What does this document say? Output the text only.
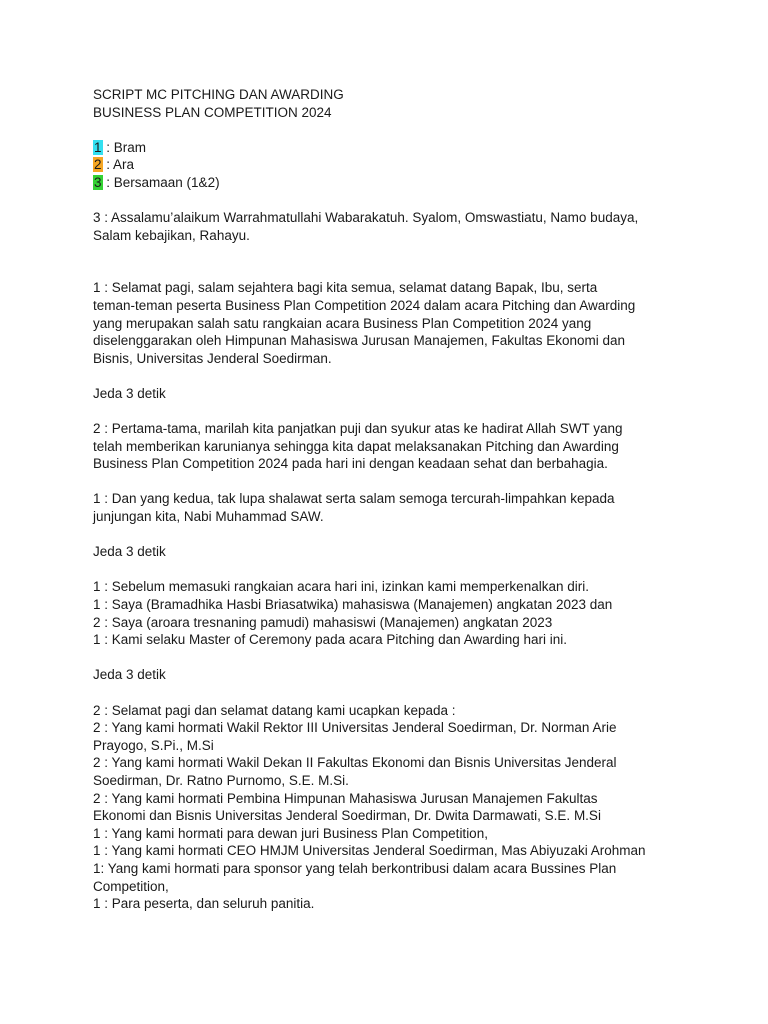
SCRIPT MC PITCHING DAN AWARDING
BUSINESS PLAN COMPETITION 2024
1 : Bram
2 : Ara
3 : Bersamaan (1&2)
3 : Assalamu’alaikum Warrahmatullahi Wabarakatuh. Syalom, Omswastiatu, Namo budaya,
Salam kebajikan, Rahayu.
1 : Selamat pagi, salam sejahtera bagi kita semua, selamat datang Bapak, Ibu, serta
teman-teman peserta Business Plan Competition 2024 dalam acara Pitching dan Awarding
yang merupakan salah satu rangkaian acara Business Plan Competition 2024 yang
diselenggarakan oleh Himpunan Mahasiswa Jurusan Manajemen, Fakultas Ekonomi dan
Bisnis, Universitas Jenderal Soedirman.
Jeda 3 detik
2 : Pertama-tama, marilah kita panjatkan puji dan syukur atas ke hadirat Allah SWT yang
telah memberikan karunianya sehingga kita dapat melaksanakan Pitching dan Awarding
Business Plan Competition 2024 pada hari ini dengan keadaan sehat dan berbahagia.
1 : Dan yang kedua, tak lupa shalawat serta salam semoga tercurah-limpahkan kepada
junjungan kita, Nabi Muhammad SAW.
Jeda 3 detik
1 : Sebelum memasuki rangkaian acara hari ini, izinkan kami memperkenalkan diri.
1 : Saya (Bramadhika Hasbi Briasatwika) mahasiswa (Manajemen) angkatan 2023 dan
2 : Saya (aroara tresnaning pamudi) mahasiswi (Manajemen) angkatan 2023
1 : Kami selaku Master of Ceremony pada acara Pitching dan Awarding hari ini.
Jeda 3 detik
2 : Selamat pagi dan selamat datang kami ucapkan kepada :
2 : Yang kami hormati Wakil Rektor III Universitas Jenderal Soedirman, Dr. Norman Arie
Prayogo, S.Pi., M.Si
2 : Yang kami hormati Wakil Dekan II Fakultas Ekonomi dan Bisnis Universitas Jenderal
Soedirman, Dr. Ratno Purnomo, S.E. M.Si.
2 : Yang kami hormati Pembina Himpunan Mahasiswa Jurusan Manajemen Fakultas
Ekonomi dan Bisnis Universitas Jenderal Soedirman, Dr. Dwita Darmawati, S.E. M.Si
1 : Yang kami hormati para dewan juri Business Plan Competition,
1 : Yang kami hormati CEO HMJM Universitas Jenderal Soedirman, Mas Abiyuzaki Arohman
1: Yang kami hormati para sponsor yang telah berkontribusi dalam acara Bussines Plan
Competition,
1 : Para peserta, dan seluruh panitia.
